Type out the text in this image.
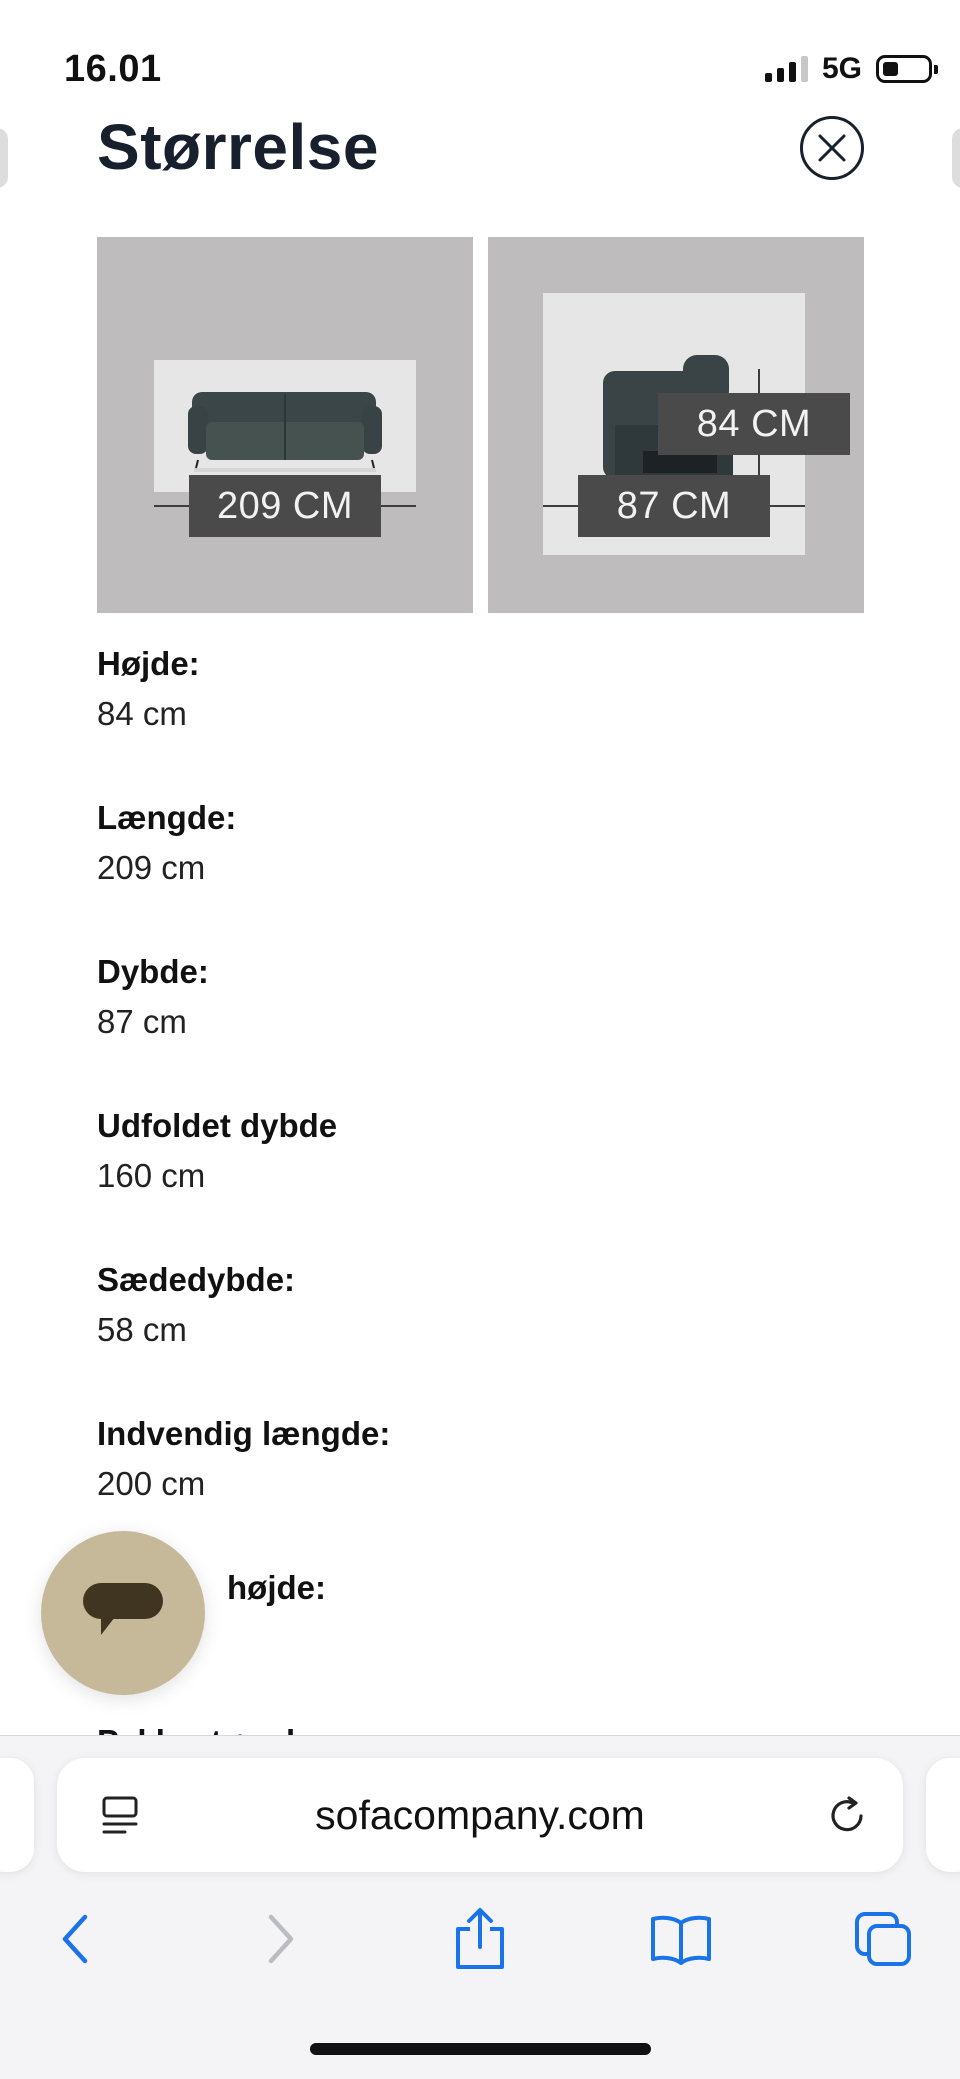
16.01	5G
Størrelse
209 CM
84 CM
87 CM
Højde:
84 cm
Længde:
209 cm
Dybde:
87 cm
Udfoldet dybde
160 cm
Sædedybde:
58 cm
Indvendig længde:
200 cm
højde:
sofacompany.com
